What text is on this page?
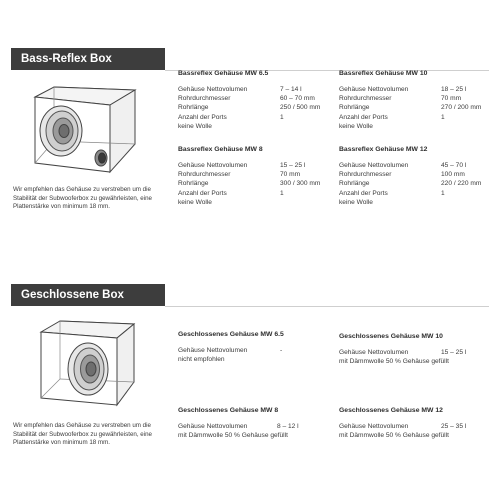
Bass-Reflex Box
Wir empfehlen das Gehäuse zu verstreben um die Stabilität der Subwooferbox zu gewährleisten, eine Plattenstärke von minimum 18 mm.
Bassreflex Gehäuse MW 6.5
Gehäuse Nettovolumen	7 – 14 l
Rohrdurchmesser	60 – 70 mm
Rohrlänge	250 / 500 mm
Anzahl der Ports	1
keine Wolle
Bassreflex Gehäuse MW 10
Gehäuse Nettovolumen	18 – 25 l
Rohrdurchmesser	70 mm
Rohrlänge	270 / 200 mm
Anzahl der Ports	1
keine Wolle
Bassreflex Gehäuse MW 8
Gehäuse Nettovolumen	15 – 25 l
Rohrdurchmesser	70 mm
Rohrlänge	300 / 300 mm
Anzahl der Ports	1
keine Wolle
Bassreflex Gehäuse MW 12
Gehäuse Nettovolumen	45 – 70 l
Rohrdurchmesser	100 mm
Rohrlänge	220 / 220 mm
Anzahl der Ports	1
keine Wolle
Geschlossene Box
Wir empfehlen das Gehäuse zu verstreben um die Stabilität der Subwooferbox zu gewährleisten, eine Plattenstärke von minimum 18 mm.
Geschlossenes Gehäuse MW 6.5
Gehäuse Nettovolumen	-
nicht empfohlen
Geschlossenes Gehäuse MW 10
Gehäuse Nettovolumen	15 – 25 l
mit Dämmwolle 50 % Gehäuse gefüllt
Geschlossenes Gehäuse MW 8
Gehäuse Nettovolumen	8 – 12 l
mit Dämmwolle 50 % Gehäuse gefüllt
Geschlossenes Gehäuse MW 12
Gehäuse Nettovolumen	25 – 35 l
mit Dämmwolle 50 % Gehäuse gefüllt
